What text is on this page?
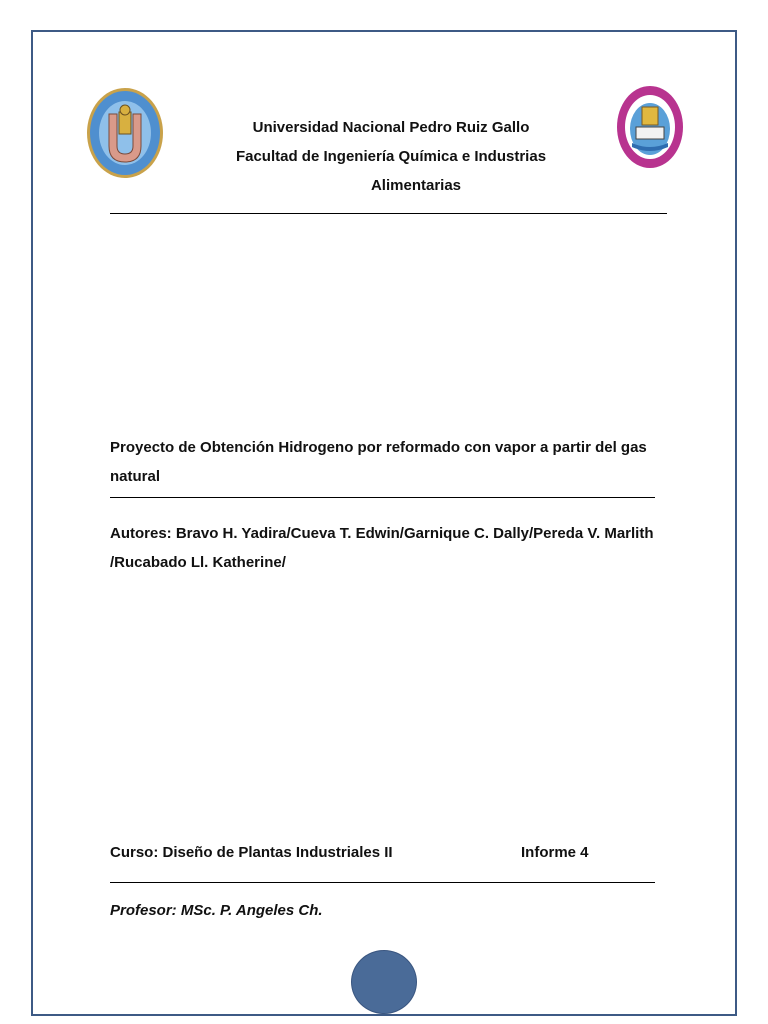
Universidad Nacional Pedro Ruiz Gallo
Facultad de Ingeniería Química e Industrias
Alimentarias
Proyecto de Obtención Hidrogeno por reformado con vapor a partir del gas natural
Autores: Bravo H. Yadira/Cueva T. Edwin/Garnique C. Dally/Pereda V. Marlith /Rucabado Ll. Katherine/
Curso: Diseño de Plantas Industriales II	Informe 4
Profesor: MSc. P. Angeles Ch.
